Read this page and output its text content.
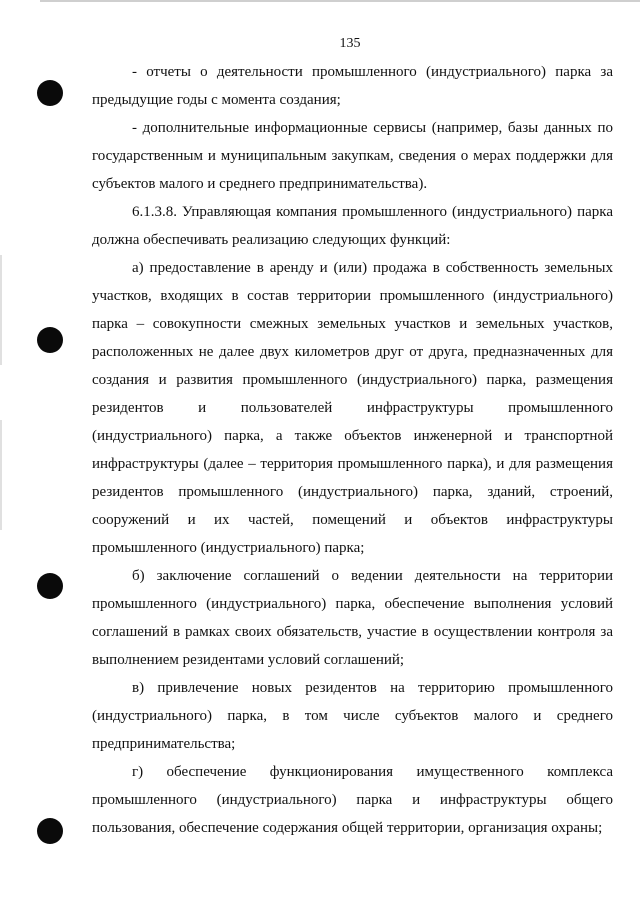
135

- отчеты о деятельности промышленного (индустриального) парка за предыдущие годы с момента создания;

- дополнительные информационные сервисы (например, базы данных по государственным и муниципальным закупкам, сведения о мерах поддержки для субъектов малого и среднего предпринимательства).

6.1.3.8. Управляющая компания промышленного (индустриального) парка должна обеспечивать реализацию следующих функций:

а) предоставление в аренду и (или) продажа в собственность земельных участков, входящих в состав территории промышленного (индустриального) парка – совокупности смежных земельных участков и земельных участков, расположенных не далее двух километров друг от друга, предназначенных для создания и развития промышленного (индустриального) парка, размещения резидентов и пользователей инфраструктуры промышленного (индустриального) парка, а также объектов инженерной и транспортной инфраструктуры (далее – территория промышленного парка), и для размещения резидентов промышленного (индустриального) парка, зданий, строений, сооружений и их частей, помещений и объектов инфраструктуры промышленного (индустриального) парка;

б) заключение соглашений о ведении деятельности на территории промышленного (индустриального) парка, обеспечение выполнения условий соглашений в рамках своих обязательств, участие в осуществлении контроля за выполнением резидентами условий соглашений;

в) привлечение новых резидентов на территорию промышленного (индустриального) парка, в том числе субъектов малого и среднего предпринимательства;

г) обеспечение функционирования имущественного комплекса промышленного (индустриального) парка и инфраструктуры общего пользования, обеспечение содержания общей территории, организация охраны;
